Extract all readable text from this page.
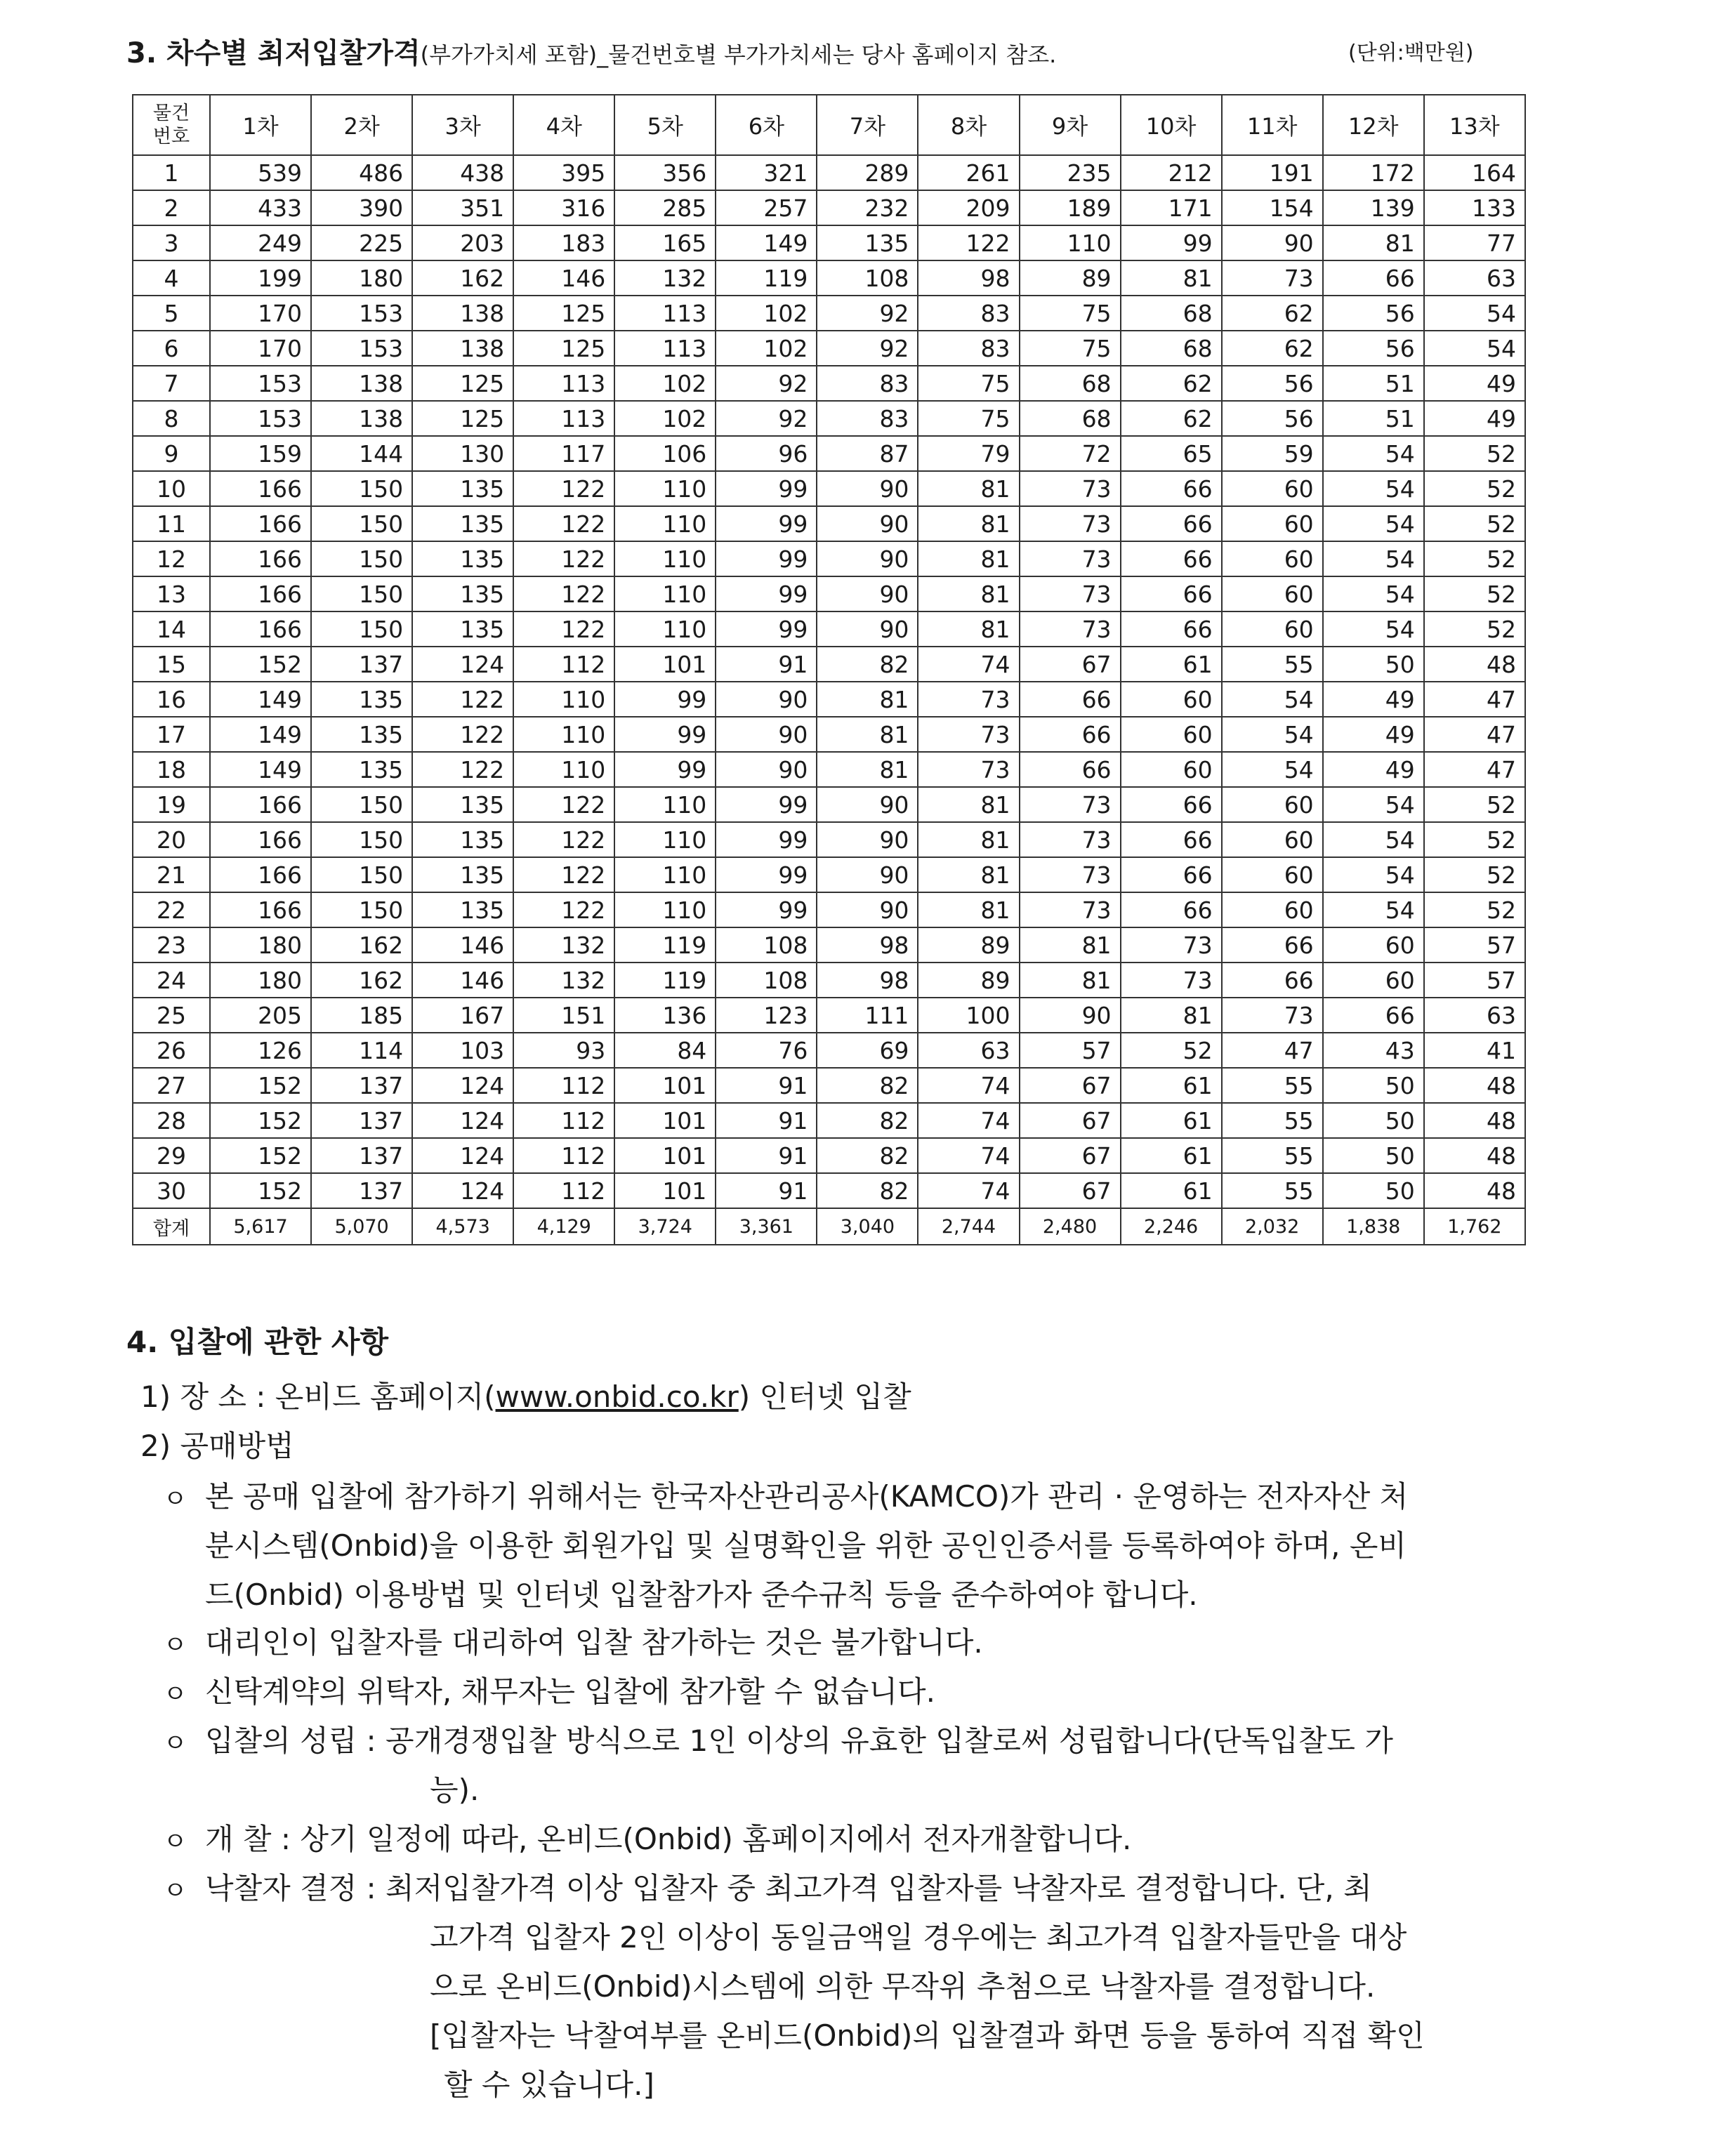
3. 차수별 최저입찰가격(부가가치세 포함)_물건번호별 부가가치세는 당사 홈페이지 참조.	(단위:백만원)
물건
번호	1차	2차	3차	4차	5차	6차	7차	8차	9차	10차	11차	12차	13차
1	539	486	438	395	356	321	289	261	235	212	191	172	164
2	433	390	351	316	285	257	232	209	189	171	154	139	133
3	249	225	203	183	165	149	135	122	110	99	90	81	77
4	199	180	162	146	132	119	108	98	89	81	73	66	63
5	170	153	138	125	113	102	92	83	75	68	62	56	54
6	170	153	138	125	113	102	92	83	75	68	62	56	54
7	153	138	125	113	102	92	83	75	68	62	56	51	49
8	153	138	125	113	102	92	83	75	68	62	56	51	49
9	159	144	130	117	106	96	87	79	72	65	59	54	52
10	166	150	135	122	110	99	90	81	73	66	60	54	52
11	166	150	135	122	110	99	90	81	73	66	60	54	52
12	166	150	135	122	110	99	90	81	73	66	60	54	52
13	166	150	135	122	110	99	90	81	73	66	60	54	52
14	166	150	135	122	110	99	90	81	73	66	60	54	52
15	152	137	124	112	101	91	82	74	67	61	55	50	48
16	149	135	122	110	99	90	81	73	66	60	54	49	47
17	149	135	122	110	99	90	81	73	66	60	54	49	47
18	149	135	122	110	99	90	81	73	66	60	54	49	47
19	166	150	135	122	110	99	90	81	73	66	60	54	52
20	166	150	135	122	110	99	90	81	73	66	60	54	52
21	166	150	135	122	110	99	90	81	73	66	60	54	52
22	166	150	135	122	110	99	90	81	73	66	60	54	52
23	180	162	146	132	119	108	98	89	81	73	66	60	57
24	180	162	146	132	119	108	98	89	81	73	66	60	57
25	205	185	167	151	136	123	111	100	90	81	73	66	63
26	126	114	103	93	84	76	69	63	57	52	47	43	41
27	152	137	124	112	101	91	82	74	67	61	55	50	48
28	152	137	124	112	101	91	82	74	67	61	55	50	48
29	152	137	124	112	101	91	82	74	67	61	55	50	48
30	152	137	124	112	101	91	82	74	67	61	55	50	48
합계	5,617	5,070	4,573	4,129	3,724	3,361	3,040	2,744	2,480	2,246	2,032	1,838	1,762
4. 입찰에 관한 사항
1) 장 소 : 온비드 홈페이지(www.onbid.co.kr) 인터넷 입찰
2) 공매방법
ㅇ 본 공매 입찰에 참가하기 위해서는 한국자산관리공사(KAMCO)가 관리 · 운영하는 전자자산 처
분시스템(Onbid)을 이용한 회원가입 및 실명확인을 위한 공인인증서를 등록하여야 하며, 온비
드(Onbid) 이용방법 및 인터넷 입찰참가자 준수규칙 등을 준수하여야 합니다.
ㅇ 대리인이 입찰자를 대리하여 입찰 참가하는 것은 불가합니다.
ㅇ 신탁계약의 위탁자, 채무자는 입찰에 참가할 수 없습니다.
ㅇ 입찰의 성립 : 공개경쟁입찰 방식으로 1인 이상의 유효한 입찰로써 성립합니다(단독입찰도 가
능).
ㅇ 개 찰 : 상기 일정에 따라, 온비드(Onbid) 홈페이지에서 전자개찰합니다.
ㅇ 낙찰자 결정 : 최저입찰가격 이상 입찰자 중 최고가격 입찰자를 낙찰자로 결정합니다. 단, 최
고가격 입찰자 2인 이상이 동일금액일 경우에는 최고가격 입찰자들만을 대상
으로 온비드(Onbid)시스템에 의한 무작위 추첨으로 낙찰자를 결정합니다.
[입찰자는 낙찰여부를 온비드(Onbid)의 입찰결과 화면 등을 통하여 직접 확인
할 수 있습니다.]
